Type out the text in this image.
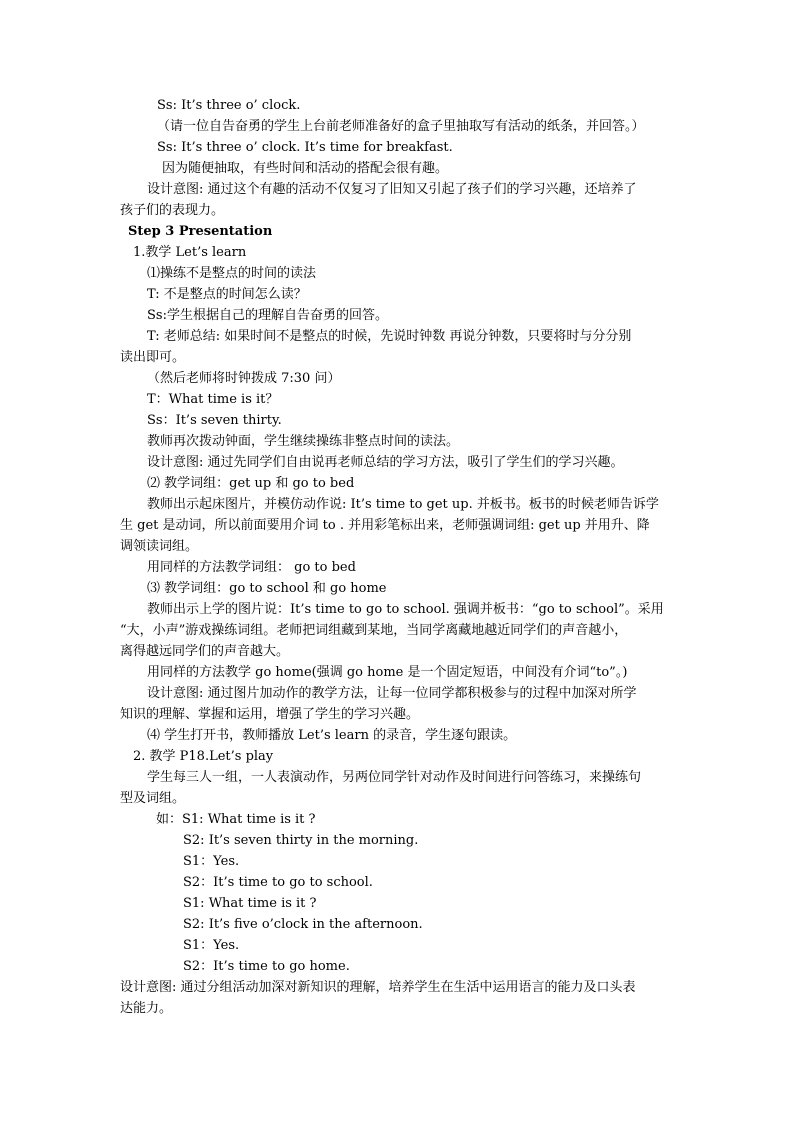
Ss: It’s three o’ clock.
（请一位自告奋勇的学生上台前老师准备好的盒子里抽取写有活动的纸条，并回答。）
Ss: It’s three o’ clock. It’s time for breakfast.
因为随便抽取，有些时间和活动的搭配会很有趣。
设计意图: 通过这个有趣的活动不仅复习了旧知又引起了孩子们的学习兴趣，还培养了
孩子们的表现力。
Step 3 Presentation
1.教学 Let’s learn
⑴操练不是整点的时间的读法
T: 不是整点的时间怎么读？
Ss:学生根据自己的理解自告奋勇的回答。
T: 老师总结: 如果时间不是整点的时候，先说时钟数 再说分钟数，只要将时与分分别
读出即可。
（然后老师将时钟拨成 7:30 问）
T：What time is it？
Ss：It’s seven thirty.
教师再次拨动钟面，学生继续操练非整点时间的读法。
设计意图: 通过先同学们自由说再老师总结的学习方法，吸引了学生们的学习兴趣。
⑵ 教学词组：get up 和 go to bed
教师出示起床图片，并模仿动作说: It’s time to get up. 并板书。板书的时候老师告诉学
生 get 是动词，所以前面要用介词 to . 并用彩笔标出来，老师强调词组: get up 并用升、降
调领读词组。
用同样的方法教学词组： go to bed
⑶ 教学词组：go to school 和 go home
教师出示上学的图片说：It’s time to go to school. 强调并板书：“go to school”。采用
“大，小声”游戏操练词组。老师把词组藏到某地，当同学离藏地越近同学们的声音越小，
离得越远同学们的声音越大。
用同样的方法教学 go home(强调 go home 是一个固定短语，中间没有介词“to”。)
设计意图: 通过图片加动作的教学方法，让每一位同学都积极参与的过程中加深对所学
知识的理解、掌握和运用，增强了学生的学习兴趣。
⑷ 学生打开书，教师播放 Let’s learn 的录音，学生逐句跟读。
2. 教学 P18.Let’s play
学生每三人一组，一人表演动作，另两位同学针对动作及时间进行问答练习，来操练句
型及词组。
如：S1: What time is it ?
S2: It’s seven thirty in the morning.
S1：Yes.
S2：It’s time to go to school.
S1: What time is it ?
S2: It’s five o’clock in the afternoon.
S1：Yes.
S2：It’s time to go home.
设计意图: 通过分组活动加深对新知识的理解，培养学生在生活中运用语言的能力及口头表
达能力。
